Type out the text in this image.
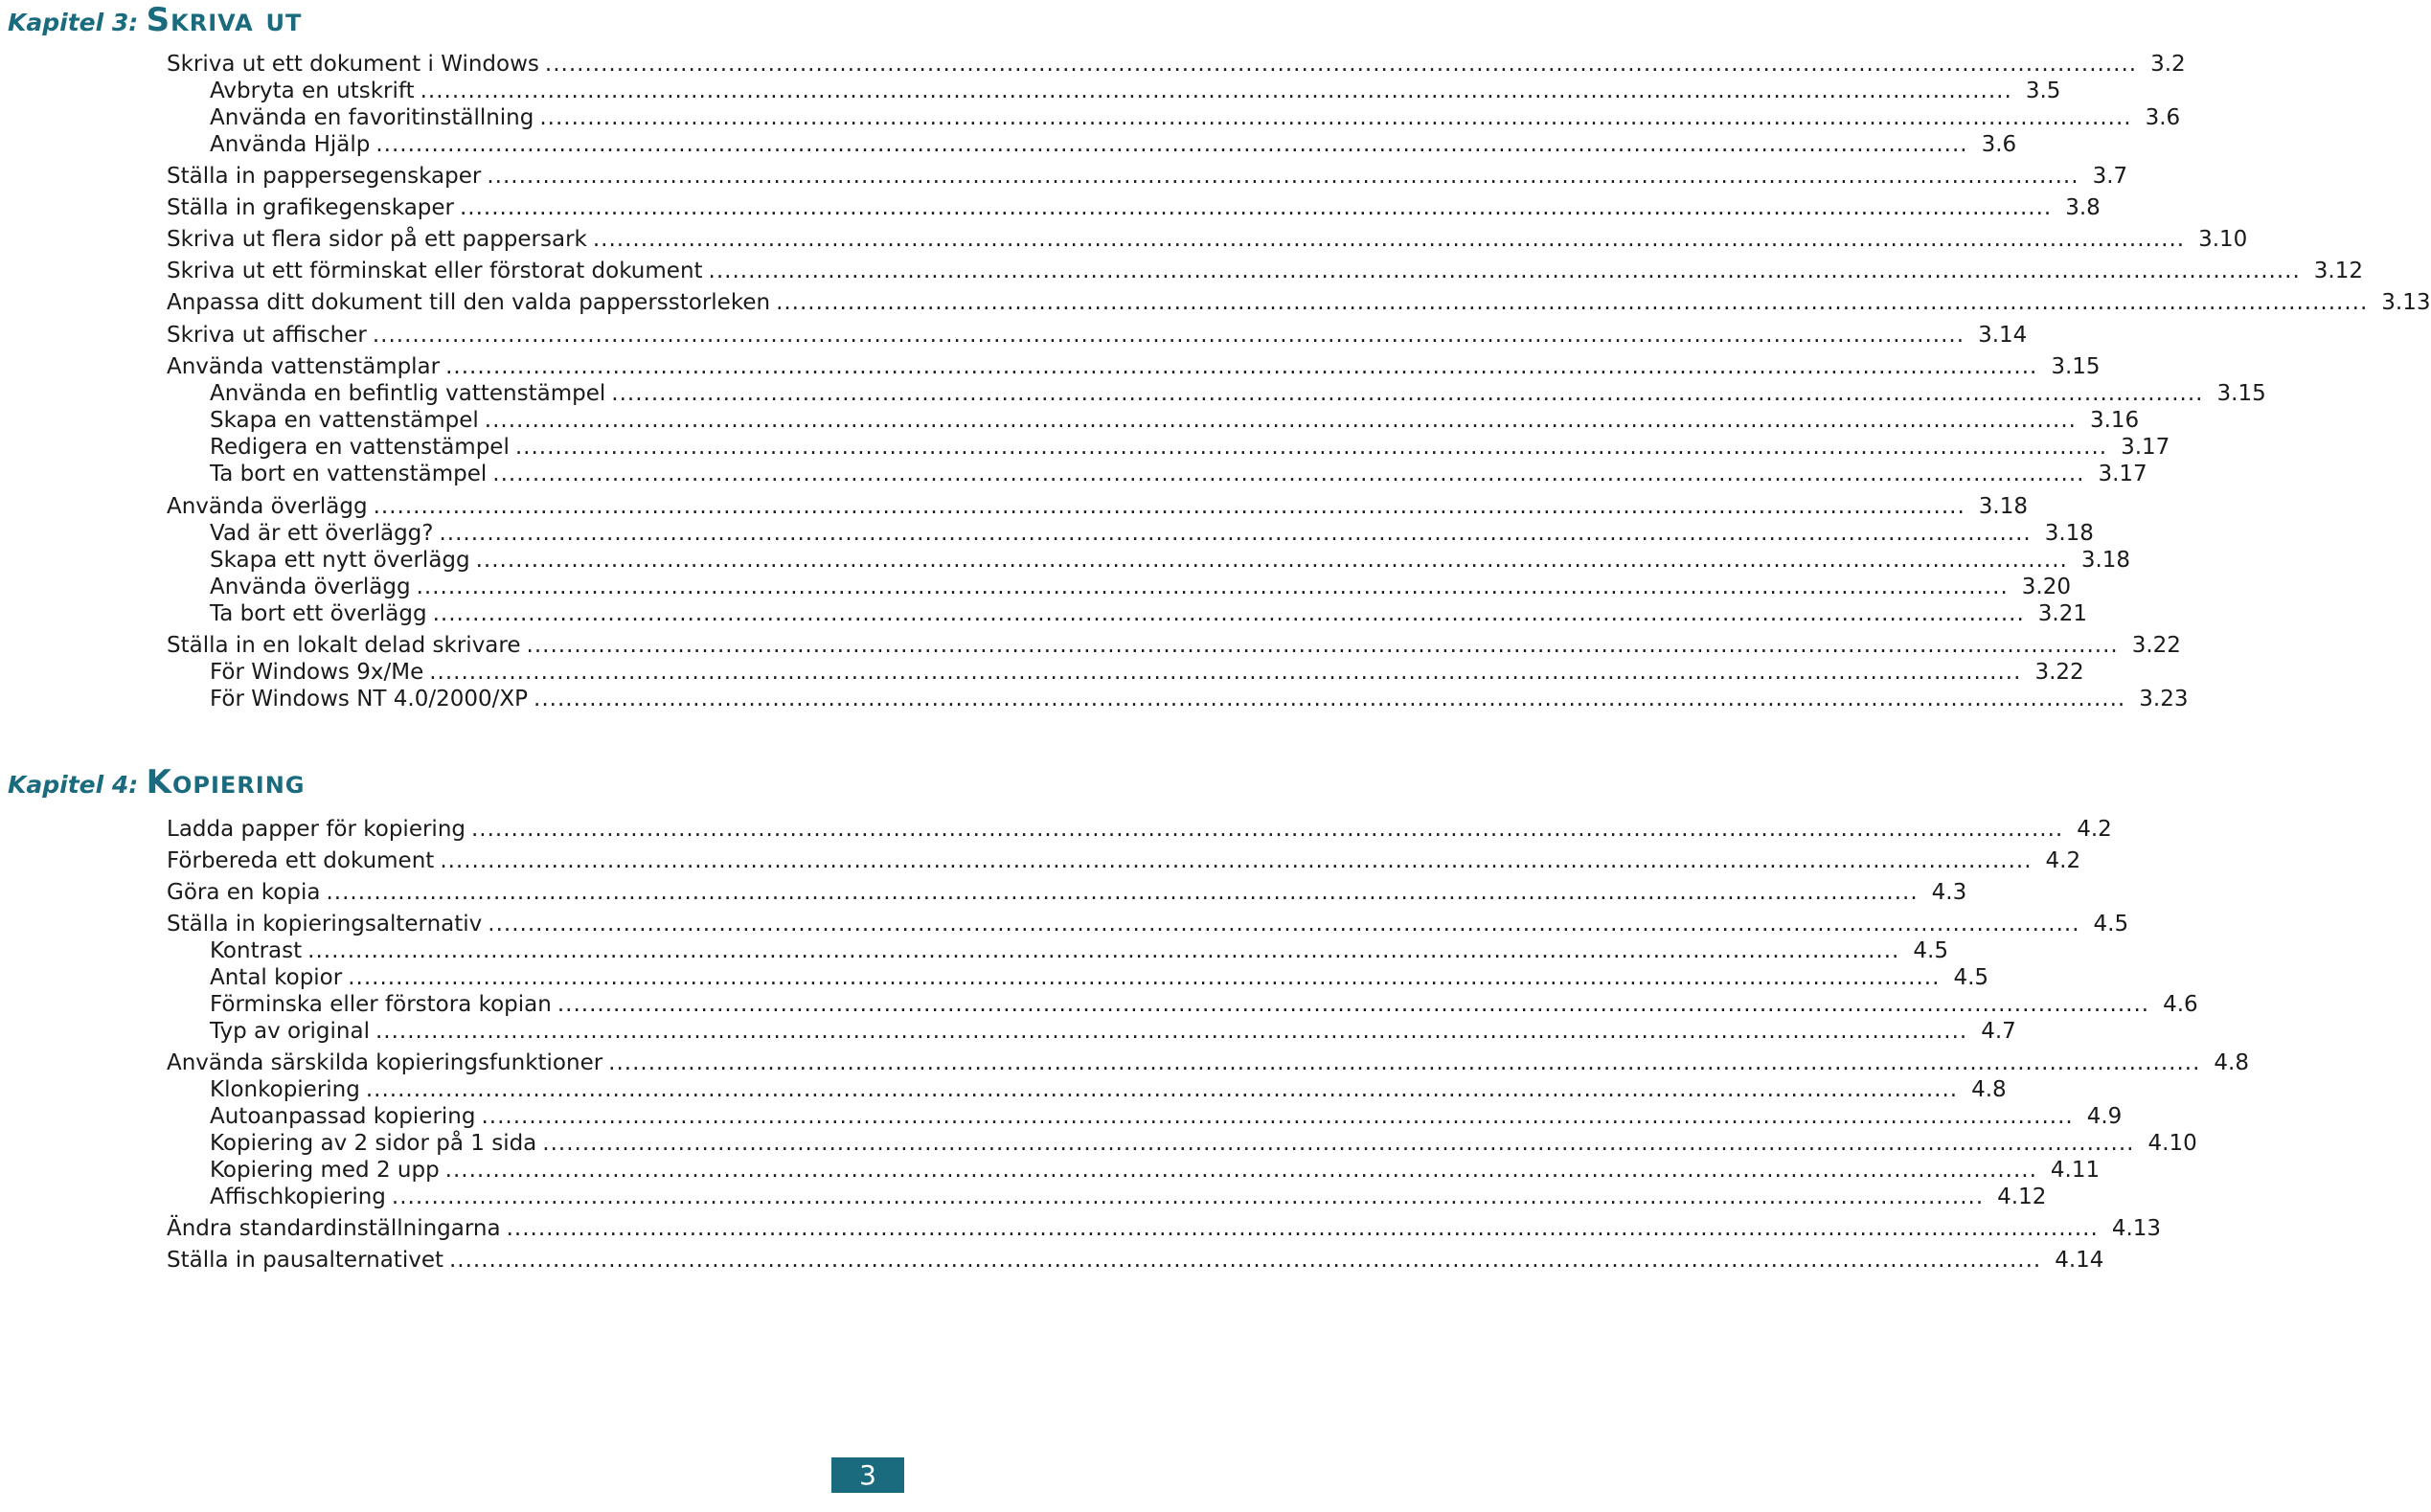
Kapitel 3: Skriva ut
Skriva ut ett dokument i Windows ........................................................................................................................................................................................................ 3.2
Avbryta en utskrift ........................................................................................................................................................................................................ 3.5
Använda en favoritinställning ........................................................................................................................................................................................................ 3.6
Använda Hjälp ........................................................................................................................................................................................................ 3.6
Ställa in pappersegenskaper ........................................................................................................................................................................................................ 3.7
Ställa in grafikegenskaper ........................................................................................................................................................................................................ 3.8
Skriva ut flera sidor på ett pappersark ........................................................................................................................................................................................................ 3.10
Skriva ut ett förminskat eller förstorat dokument ........................................................................................................................................................................................................ 3.12
Anpassa ditt dokument till den valda pappersstorleken ........................................................................................................................................................................................................ 3.13
Skriva ut affischer ........................................................................................................................................................................................................ 3.14
Använda vattenstämplar ........................................................................................................................................................................................................ 3.15
Använda en befintlig vattenstämpel ........................................................................................................................................................................................................ 3.15
Skapa en vattenstämpel ........................................................................................................................................................................................................ 3.16
Redigera en vattenstämpel ........................................................................................................................................................................................................ 3.17
Ta bort en vattenstämpel ........................................................................................................................................................................................................ 3.17
Använda överlägg ........................................................................................................................................................................................................ 3.18
Vad är ett överlägg? ........................................................................................................................................................................................................ 3.18
Skapa ett nytt överlägg ........................................................................................................................................................................................................ 3.18
Använda överlägg ........................................................................................................................................................................................................ 3.20
Ta bort ett överlägg ........................................................................................................................................................................................................ 3.21
Ställa in en lokalt delad skrivare ........................................................................................................................................................................................................ 3.22
För Windows 9x/Me ........................................................................................................................................................................................................ 3.22
För Windows NT 4.0/2000/XP ........................................................................................................................................................................................................ 3.23
Kapitel 4: Kopiering
Ladda papper för kopiering ........................................................................................................................................................................................................ 4.2
Förbereda ett dokument ........................................................................................................................................................................................................ 4.2
Göra en kopia ........................................................................................................................................................................................................ 4.3
Ställa in kopieringsalternativ ........................................................................................................................................................................................................ 4.5
Kontrast ........................................................................................................................................................................................................ 4.5
Antal kopior ........................................................................................................................................................................................................ 4.5
Förminska eller förstora kopian ........................................................................................................................................................................................................ 4.6
Typ av original ........................................................................................................................................................................................................ 4.7
Använda särskilda kopieringsfunktioner ........................................................................................................................................................................................................ 4.8
Klonkopiering ........................................................................................................................................................................................................ 4.8
Autoanpassad kopiering ........................................................................................................................................................................................................ 4.9
Kopiering av 2 sidor på 1 sida ........................................................................................................................................................................................................ 4.10
Kopiering med 2 upp ........................................................................................................................................................................................................ 4.11
Affischkopiering ........................................................................................................................................................................................................ 4.12
Ändra standardinställningarna ........................................................................................................................................................................................................ 4.13
Ställa in pausalternativet ........................................................................................................................................................................................................ 4.14
3
